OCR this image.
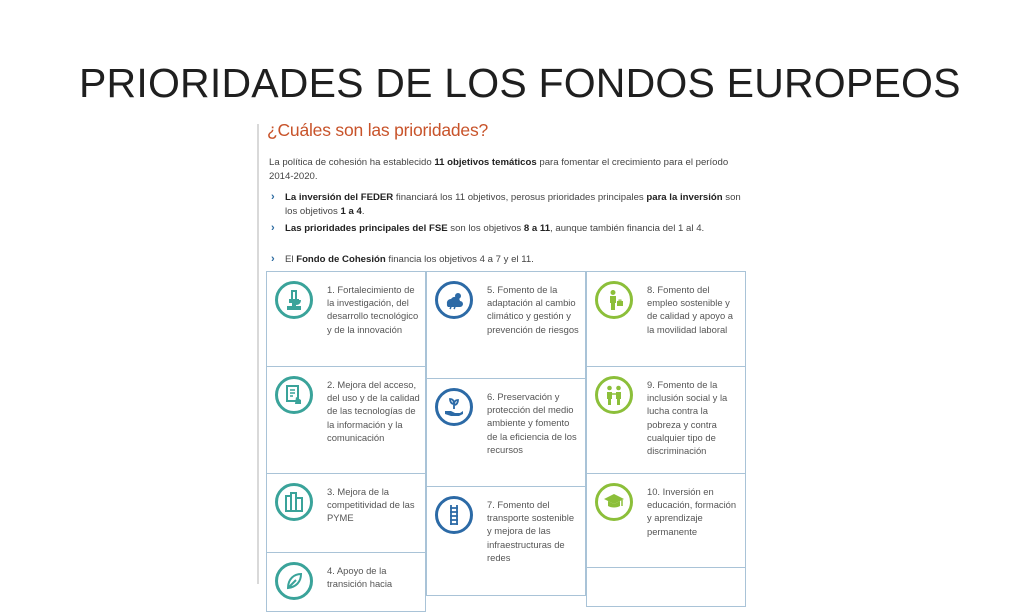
PRIORIDADES DE LOS FONDOS EUROPEOS
¿Cuáles son las prioridades?
La política de cohesión ha establecido 11 objetivos temáticos para fomentar el crecimiento para el período 2014-2020.
› La inversión del FEDER financiará los 11 objetivos, perosus prioridades principales para la inversión son los objetivos 1 a 4.
› Las prioridades principales del FSE son los objetivos 8 a 11, aunque también financia del 1 al 4.
› El Fondo de Cohesión financia los objetivos 4 a 7 y el 11.
1. Fortalecimiento de la investigación, del desarrollo tecnológico y de la innovación
2. Mejora del acceso, del uso y de la calidad de las tecnologías de la información y la comunicación
3. Mejora de la competitividad de las PYME
4. Apoyo de la transición hacia
5. Fomento de la adaptación al cambio climático y gestión y prevención de riesgos
6. Preservación y protección del medio ambiente y fomento de la eficiencia de los recursos
7. Fomento del transporte sostenible y mejora de las infraestructuras de redes
8. Fomento del empleo sostenible y de calidad y apoyo a la movilidad laboral
9. Fomento de la inclusión social y la lucha contra la pobreza y contra cualquier tipo de discriminación
10. Inversión en educación, formación y aprendizaje permanente
